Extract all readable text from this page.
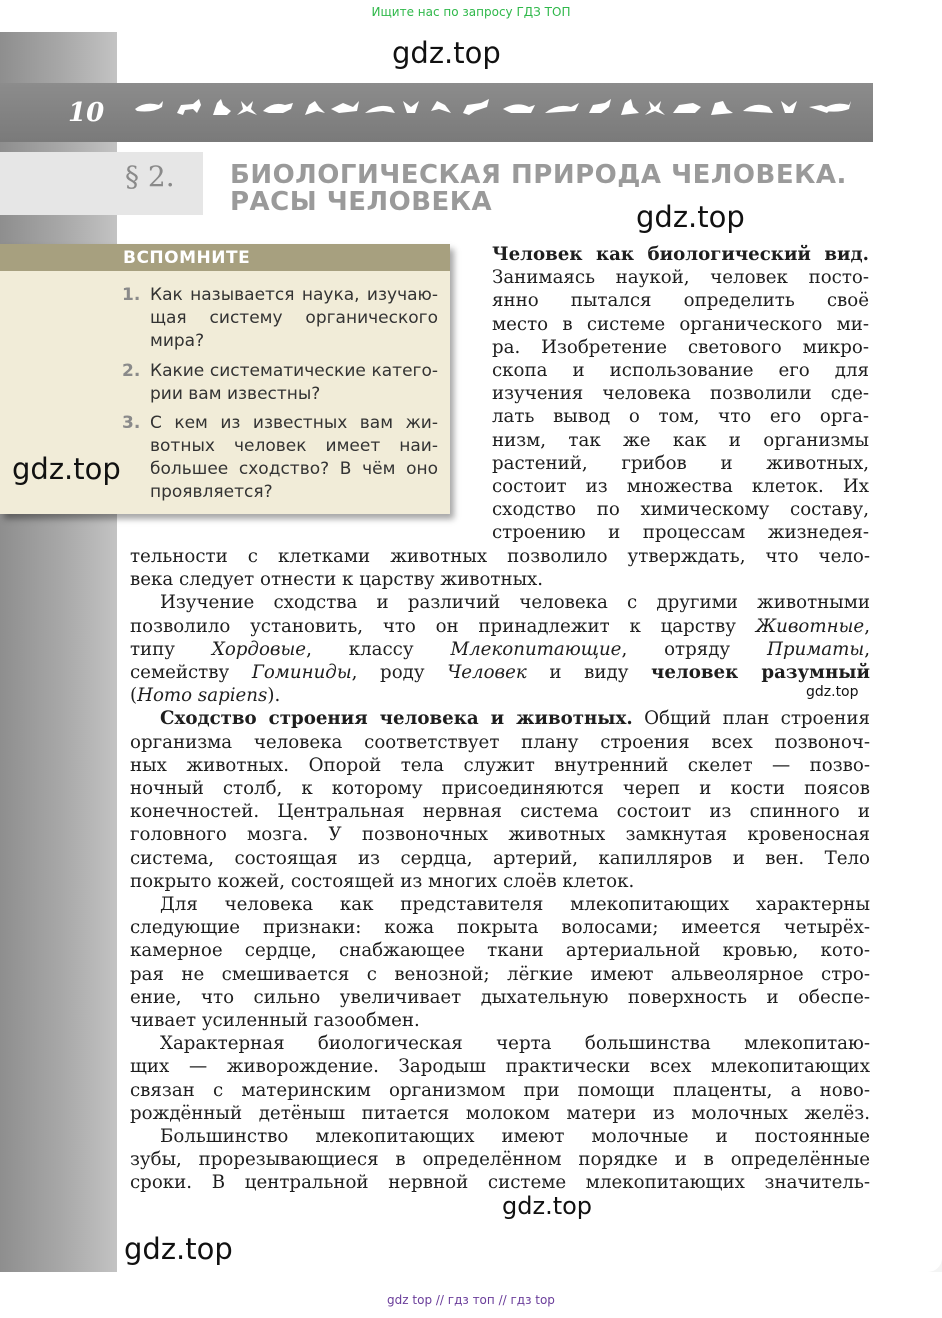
Ищите нас по запросу ГДЗ ТОП
10
§ 2. БИОЛОГИЧЕСКАЯ ПРИРОДА ЧЕЛОВЕКА.
РАСЫ ЧЕЛОВЕКА
ВСПОМНИТЕ
1. Как называется наука, изучающая систему органического мира?
2. Какие систематические категории вам известны?
3. С кем из известных вам животных человек имеет наибольшее сходство? В чём оно проявляется?
Человек как биологический вид.
Занимаясь наукой, человек посто-
янно пытался определить своё
место в системе органического ми-
ра. Изобретение светового микро-
скопа и использование его для
изучения человека позволили сде-
лать вывод о том, что его орга-
низм, так же как и организмы
растений, грибов и животных,
состоит из множества клеток. Их
сходство по химическому составу,
строению и процессам жизнедея-
тельности с клетками животных позволило утверждать, что чело-
века следует отнести к царству животных.
Изучение сходства и различий человека с другими животными
позволило установить, что он принадлежит к царству Животные,
типу Хордовые, классу Млекопитающие, отряду Приматы,
семейству Гоминиды, роду Человек и виду человек разумный
(Homo sapiens).
Сходство строения человека и животных. Общий план строения
организма человека соответствует плану строения всех позвоноч-
ных животных. Опорой тела служит внутренний скелет — позво-
ночный столб, к которому присоединяются череп и кости поясов
конечностей. Центральная нервная система состоит из спинного и
головного мозга. У позвоночных животных замкнутая кровеносная
система, состоящая из сердца, артерий, капилляров и вен. Тело
покрыто кожей, состоящей из многих слоёв клеток.
Для человека как представителя млекопитающих характерны
следующие признаки: кожа покрыта волосами; имеется четырёх-
камерное сердце, снабжающее ткани артериальной кровью, кото-
рая не смешивается с венозной; лёгкие имеют альвеолярное стро-
ение, что сильно увеличивает дыхательную поверхность и обеспе-
чивает усиленный газообмен.
Характерная биологическая черта большинства млекопитаю-
щих — живорождение. Зародыш практически всех млекопитающих
связан с материнским организмом при помощи плаценты, а ново-
рождённый детёныш питается молоком матери из молочных желёз.
Большинство млекопитающих имеют молочные и постоянные
зубы, прорезывающиеся в определённом порядке и в определённые
сроки. В центральной нервной системе млекопитающих значитель-
gdz.top
gdz.top
gdz.top
gdz.top
gdz.top
gdz.top
gdz top // гдз топ // гдз top
